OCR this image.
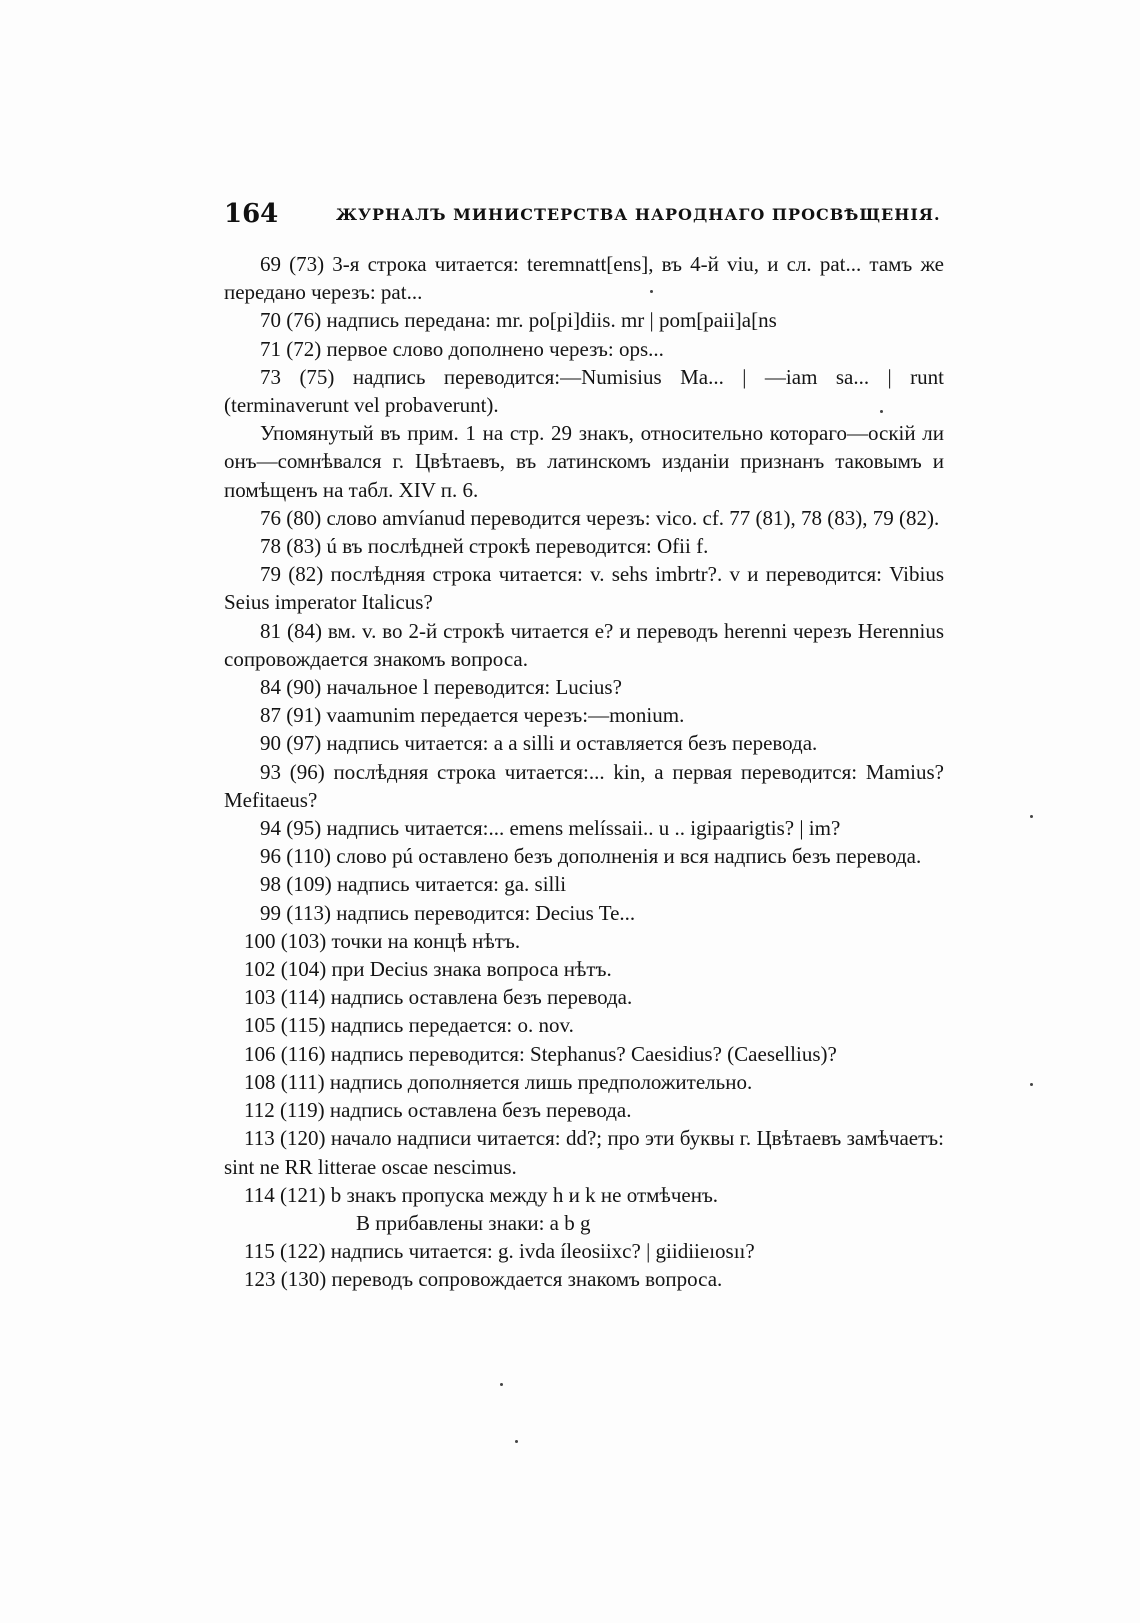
164	ЖУРНАЛЪ МИНИСТЕРСТВА НАРОДНАГО ПРОСВѢЩЕНІЯ.

69 (73) 3-я строка читается: teremnatt[ens], въ 4-й viu, и сл. pat... тамъ же передано черезъ: pat...

70 (76) надпись передана: mr. po[pi]diis. mr | pom[paii]a[ns

71 (72) первое слово дополнено черезъ: ops...

73 (75) надпись переводится:—Numisius Ma... | —iam sa... | runt (terminaverunt vel probaverunt).

Упомянутый въ прим. 1 на стр. 29 знакъ, относительно котораго—оскій ли онъ—сомнѣвался г. Цвѣтаевъ, въ латинскомъ изданіи признанъ таковымъ и помѣщенъ на табл. XIV п. 6.

76 (80) слово amvíanud переводится черезъ: vico. cf. 77 (81), 78 (83), 79 (82).

78 (83) ú въ послѣдней строкѣ переводится: Ofii f.

79 (82) послѣдняя строка читается: v. sehs imbrtr?. v и переводится: Vibius Seius imperator Italicus?

81 (84) вм. v. во 2-й строкѣ читается e? и переводъ herenni черезъ Herennius сопровождается знакомъ вопроса.

84 (90) начальное l переводится: Lucius?

87 (91) vaamunim передается черезъ:—monium.

90 (97) надпись читается: a a silli и оставляется безъ перевода.

93 (96) послѣдняя строка читается:... kin, а первая переводится: Mamius? Mefitaeus?

94 (95) надпись читается:... emens melíssaii.. u .. igipaarigtis? | im?

96 (110) слово pú оставлено безъ дополненія и вся надпись безъ перевода.

98 (109) надпись читается: ga. silli

99 (113) надпись переводится: Decius Te...

100 (103) точки на концѣ нѣтъ.

102 (104) при Decius знака вопроса нѣтъ.

103 (114) надпись оставлена безъ перевода.

105 (115) надпись передается: o. nov.

106 (116) надпись переводится: Stephanus? Caesidius? (Caesellius)?

108 (111) надпись дополняется лишь предположительно.

112 (119) надпись оставлена безъ перевода.

113 (120) начало надписи читается: dd?; про эти буквы г. Цвѣтаевъ замѣчаетъ: sint ne RR litterae oscae nescimus.

114 (121) b знакъ пропуска между h и k не отмѣченъ.

В прибавлены знаки: a b g

115 (122) надпись читается: g. ivda íleosiixc? | giidiieıosıı?

123 (130) переводъ сопровождается знакомъ вопроса.
